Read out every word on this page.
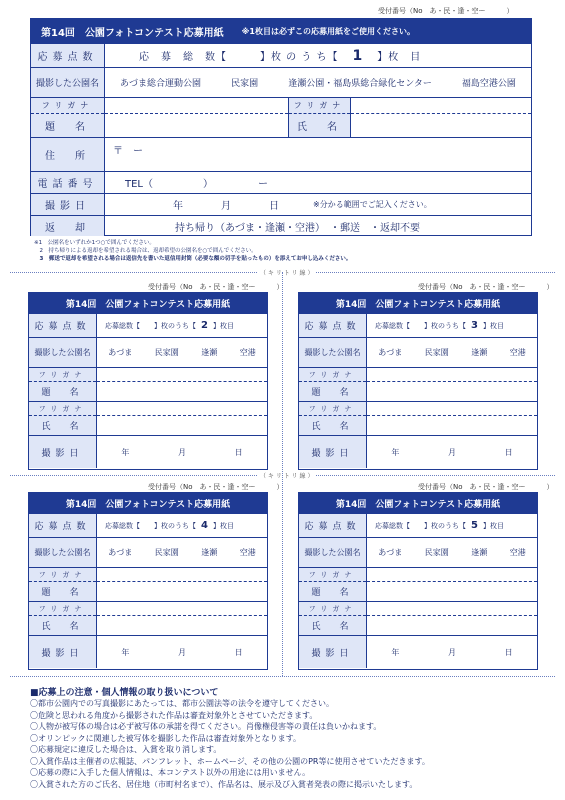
受付番号（No　あ・民・逢・空ー　　　）
第14回　公園フォトコンテスト応募用紙 ※1枚目は必ずこの応募用紙をご使用ください。
応募点数	応　募　総　数【　　　】枚 の う ち【 1 】枚　目
撮影した公園名	あづま総合運動公園	民家園	逢瀬公園・福島県総合緑化センター	福島空港公園
フリガナ
題　名
フリガナ
氏　名
住　所	〒　ー
電話番号	TEL（　　　　　）　　　　　ー
撮影日	年　　　月　　　日	※分かる範囲でご記入ください。
返　却	持ち帰り（あづま・逢瀬・空港）　・郵送　・返却不要
※1　公園名をいずれか1つ○で囲んでください。
　2　持ち帰りによる返却を希望される場合は、返却希望の公園名を○で囲んでください。
　3　郵送で返却を希望される場合は返信先を書いた返信用封筒（必要な額の切手を貼ったもの）を添えてお申し込みください。
（ キ リ ト リ 線 ）
（ キ リ ト リ 線 ）
受付番号（No　あ・民・逢・空ー　　　）
第14回　公園フォトコンテスト応募用紙
応募点数	応募総数【　　】枚のうち【 2 】枚目
撮影した公園名	あづま	民家園	逢瀬	空港
フリガナ
題　名
フリガナ
氏　名
撮影日	年	月	日
受付番号（No　あ・民・逢・空ー　　　）
第14回　公園フォトコンテスト応募用紙
応募点数	応募総数【　　】枚のうち【 3 】枚目
撮影した公園名	あづま	民家園	逢瀬	空港
フリガナ
題　名
フリガナ
氏　名
撮影日	年	月	日
受付番号（No　あ・民・逢・空ー　　　）
第14回　公園フォトコンテスト応募用紙
応募点数	応募総数【　　】枚のうち【 4 】枚目
撮影した公園名	あづま	民家園	逢瀬	空港
フリガナ
題　名
フリガナ
氏　名
撮影日	年	月	日
受付番号（No　あ・民・逢・空ー　　　）
第14回　公園フォトコンテスト応募用紙
応募点数	応募総数【　　】枚のうち【 5 】枚目
撮影した公園名	あづま	民家園	逢瀬	空港
フリガナ
題　名
フリガナ
氏　名
撮影日	年	月	日
■応募上の注意・個人情報の取り扱いについて
〇都市公園内での写真撮影にあたっては、都市公園法等の法令を遵守してください。
〇危険と思われる角度から撮影された作品は審査対象外とさせていただきます。
〇人物が被写体の場合は必ず被写体の承諾を得てください。肖像権侵害等の責任は負いかねます。
〇オリンピックに関連した被写体を撮影した作品は審査対象外となります。
〇応募規定に違反した場合は、入賞を取り消します。
〇入賞作品は主催者の広報誌、パンフレット、ホームページ、その他の公園のPR等に使用させていただきます。
〇応募の際に入手した個人情報は、本コンテスト以外の用途には用いません。
〇入賞された方のご氏名、居住地（市町村名まで）、作品名は、展示及び入賞者発表の際に掲示いたします。
